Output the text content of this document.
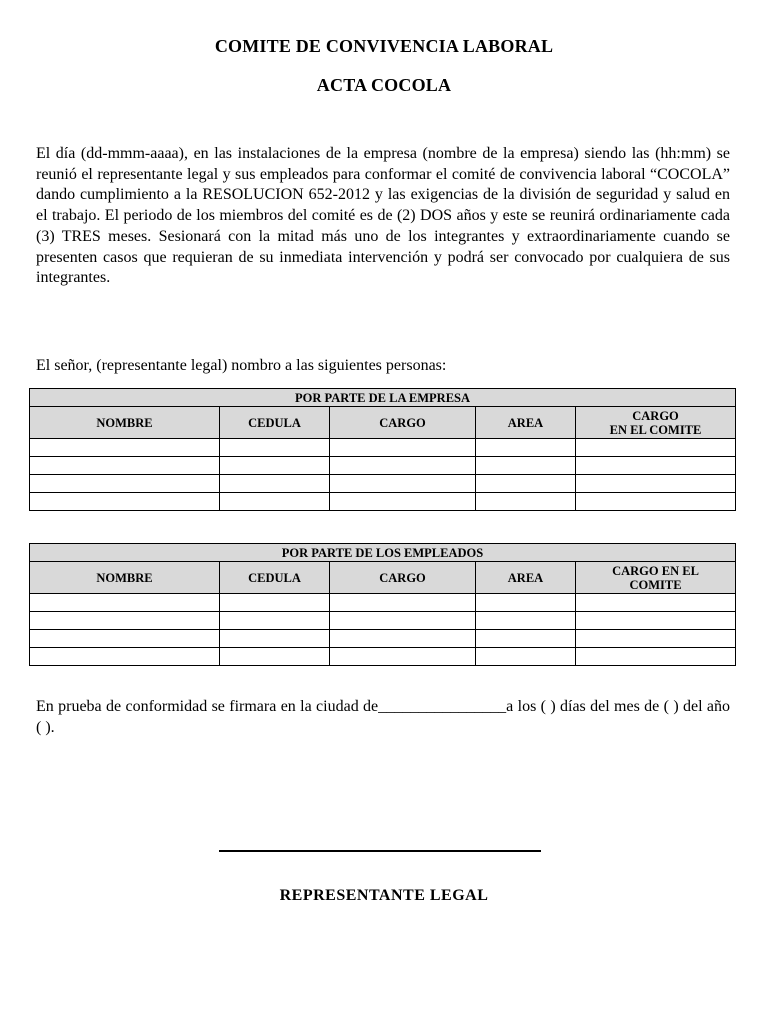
COMITE DE CONVIVENCIA LABORAL
ACTA COCOLA
El día (dd-mmm-aaaa), en las instalaciones de la empresa (nombre de la empresa) siendo las (hh:mm) se reunió el representante legal y sus empleados para conformar el comité de convivencia laboral “COCOLA” dando cumplimiento a la RESOLUCION 652-2012 y las exigencias de la división de seguridad y salud en el trabajo. El periodo de los miembros del comité es de (2) DOS años y este se reunirá ordinariamente cada (3) TRES meses. Sesionará con la mitad más uno de los integrantes y extraordinariamente cuando se presenten casos que requieran de su inmediata intervención y podrá ser convocado por cualquiera de sus integrantes.
El señor, (representante legal) nombro a las siguientes personas:
POR PARTE DE LA EMPRESA				
NOMBRE	CEDULA	CARGO	AREA	CARGO
EN EL COMITE

POR PARTE DE LOS EMPLEADOS				
NOMBRE	CEDULA	CARGO	AREA	CARGO EN EL
COMITE

En prueba de conformidad se firmara en la ciudad de________________a los ( ) días del mes de ( ) del año ( ).
REPRESENTANTE LEGAL
